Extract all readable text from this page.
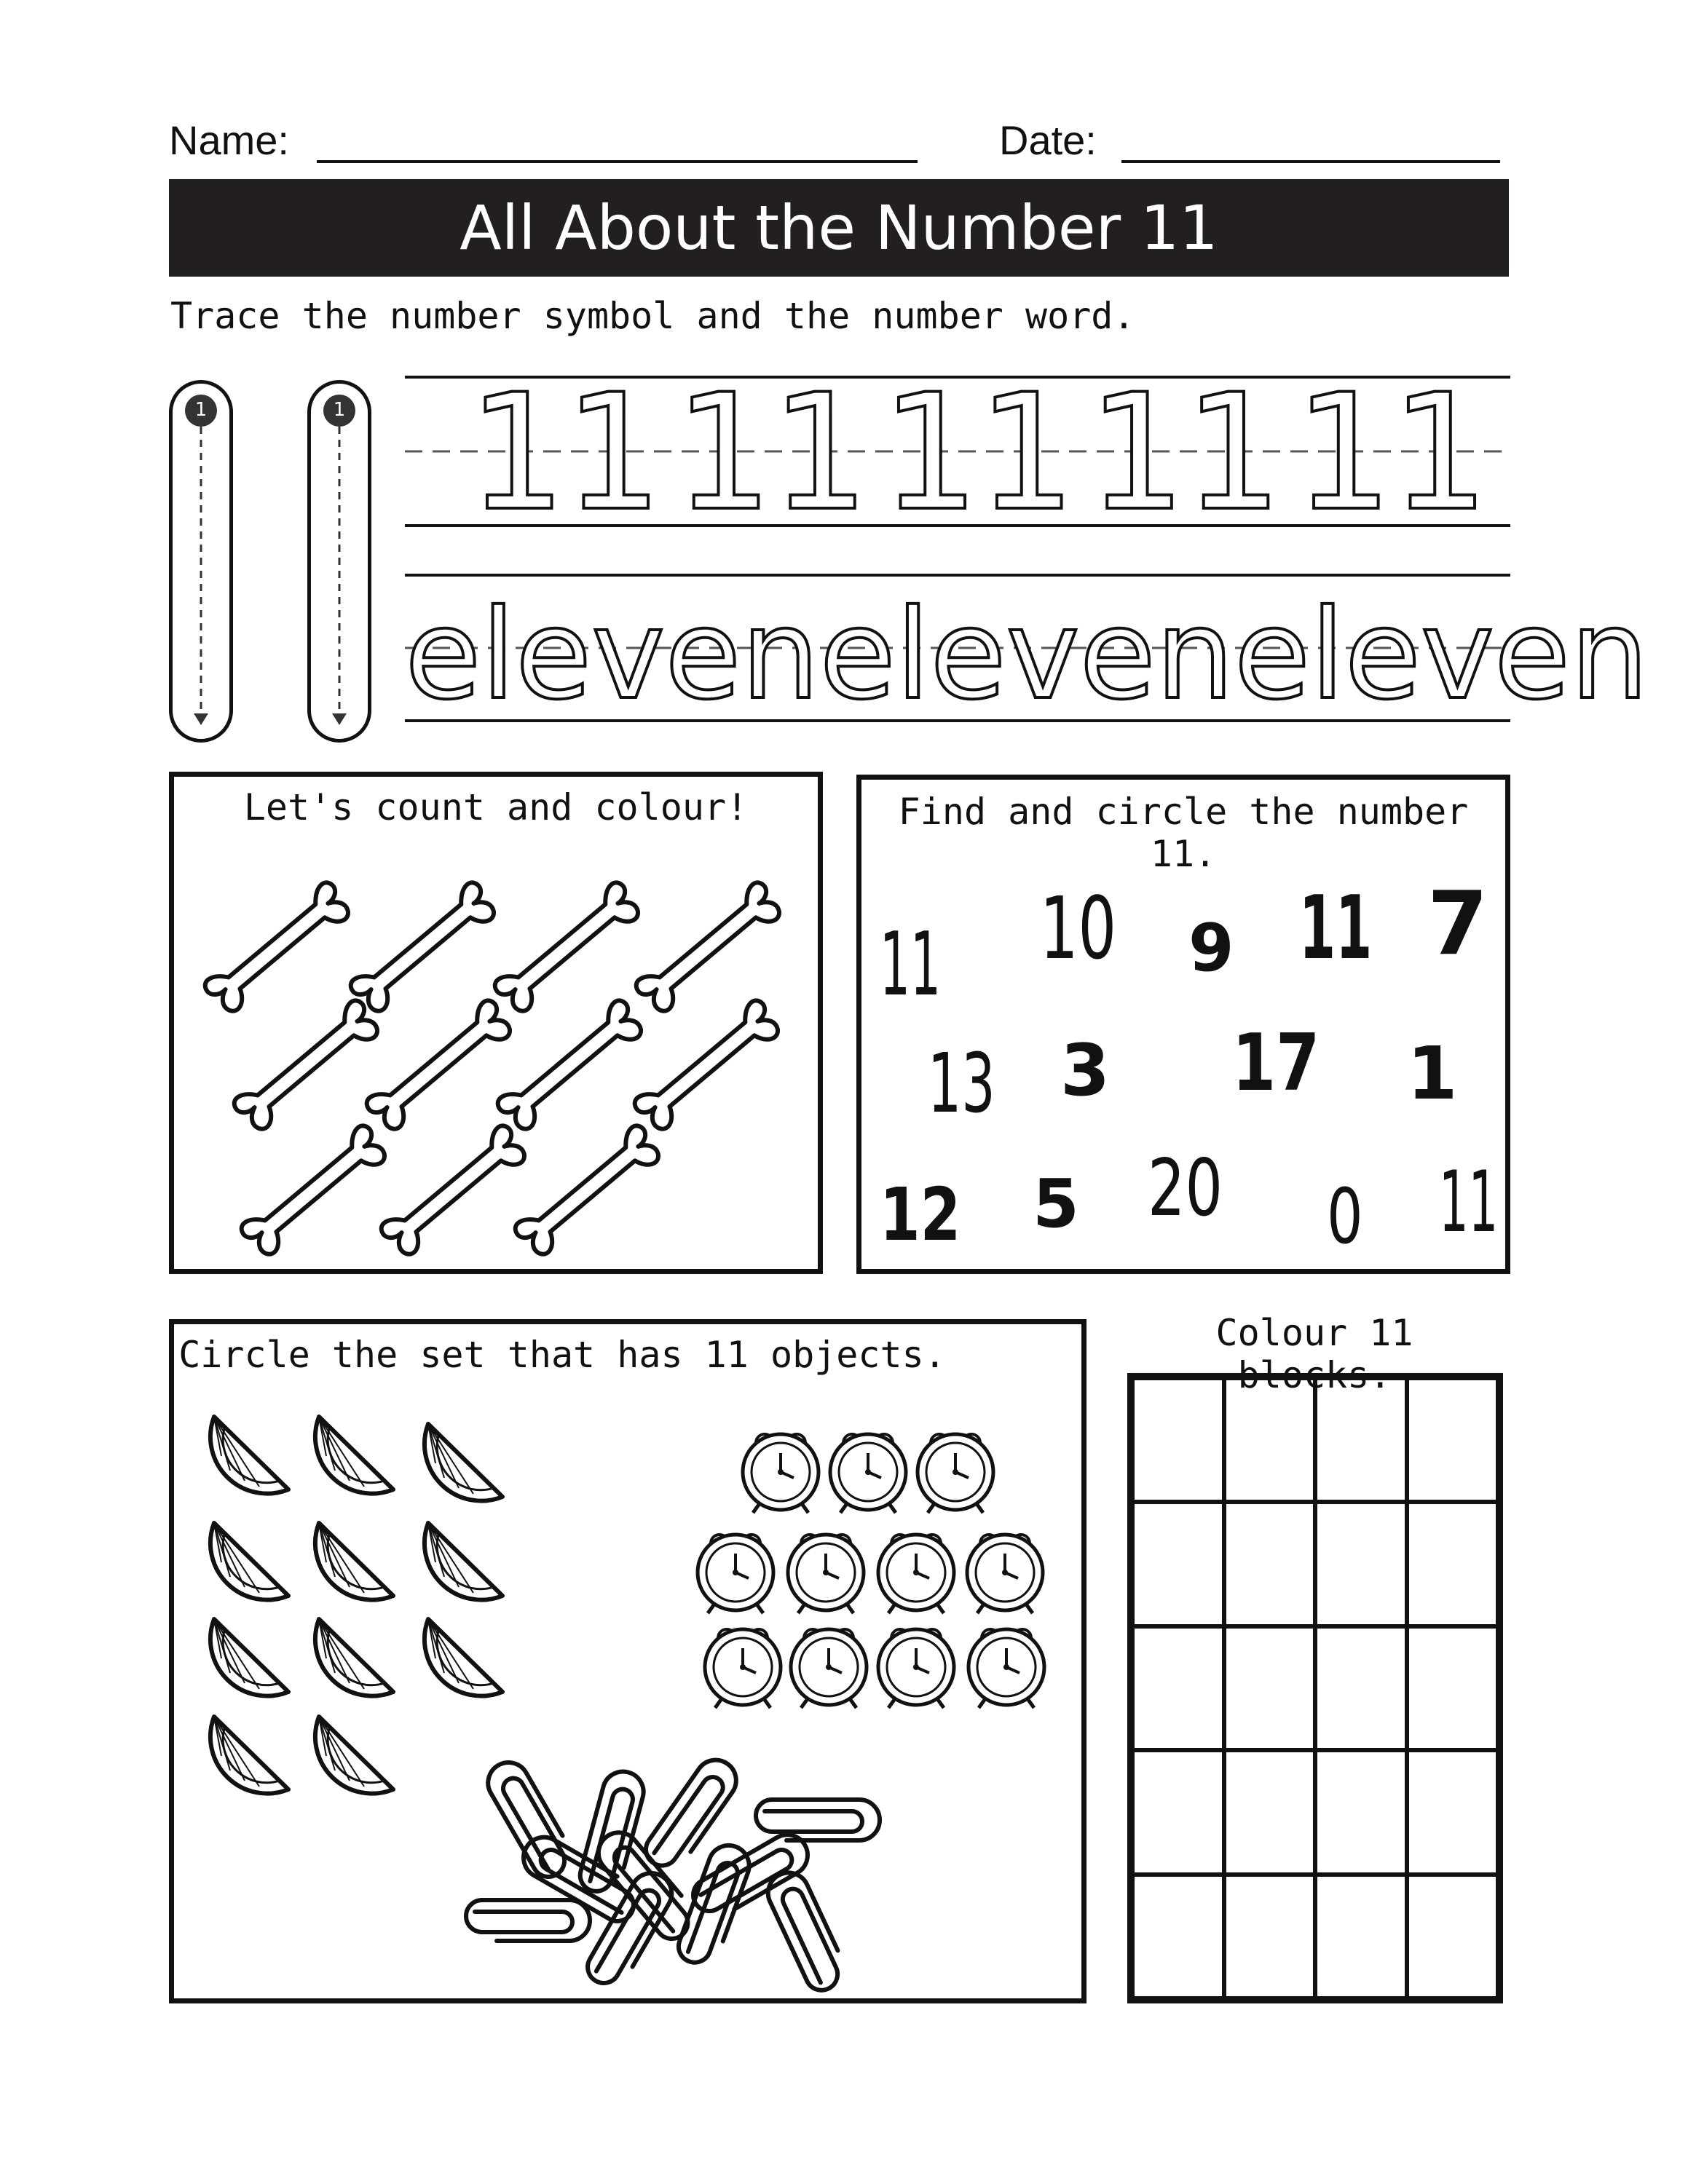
Name:	Date:
All About the Number 11
Trace the number symbol and the number word.
1	1 11 11 11 11 11
eleven eleven eleven
Let's count and colour!	Find and circle the number 11.
11 10 9 11 7
13 3 17 1
12 5 20 0 11
Circle the set that has 11 objects.
Colour 11 blocks.
